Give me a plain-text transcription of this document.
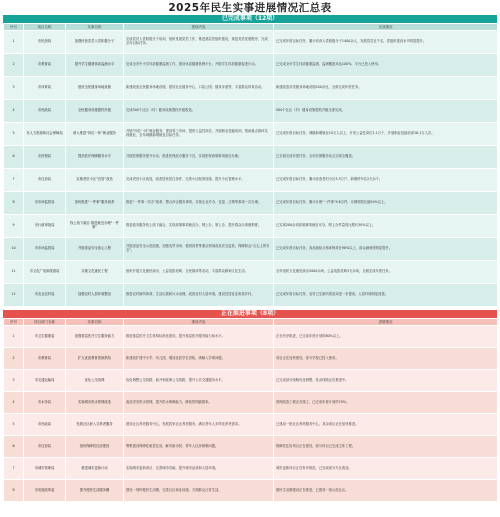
2025年民生实事进展情况汇总表
已完成事项（12项）
序号	项目名称	实事名称	建设内容	完成情况
1	市民热线	加强民营党员入党积极分子	完成党员入党积极分子培训，组织发展党员工作，推进基层党组织建设，规范党员发展程序，完成全年目标任务。	已完成年度目标任务，累计培训入党积极分子1400余人，发展党员近千名，党组织建设水平明显提升。
2	市教育局	提升学生健康体质监测水平	完成全市中小学体质健康监测工作，建设体质健康管理平台，开展学生体质健康促进行动。	已完成全市学生体质健康监测，监测覆盖率达100%，平台已投入使用。
3	市体育局	建设全民健身场地设施	新建改造全民健身场地设施，建设社区健身中心、口袋公园、健身步道等，丰富群众体育活动。	新建改造各类健身场地设施200余处，全面完成年度任务。
4	市民政局	全民健身设施提档升级	完成500个社区（村）健身设施提档升级改造。	500个社区（村）健身设施提档升级全部完成。
5	市人力资源和社会保障局	深入推进“四位一体”就业服务	开展“四位一体”就业服务，建设零工市场、提供公益性岗位、开展职业技能培训，帮助重点群体实现就业，全年城镇新增就业目标任务。	已完成年度目标任务，城镇新增就业10万人以上，开发公益性岗位1.1万个，开展职业技能培训16.1万人次。
6	市医保局	提高医疗保障服务水平	开展医保服务提升行动，推进医保经办服务下沉，实现医保高频事项就近办理。	已全面完成年度任务，全市医保服务站点实现全覆盖。
7	市住房局	实施老旧小区“宜居”改造	完成老旧小区改造，改善居民居住条件，完善小区配套设施，提升小区管理水平。	已完成年度目标任务，累计改造老旧小区3.3万户，新增停车位2万余个。
8	市市场监管局	加快推进“一件事”服务改革	推进“一件事一次办”改革，整合涉企服务事项，实现企业开办、变更、注销等事项一次办理。	已完成年度目标任务，累计办理“一件事”9.8万件，办理时限压缩50%以上。
9	市行政审批局	线上线下融合 推进就近办理“一件事”	推进政务服务线上线下融合，实现高频事项就近办、网上办、掌上办，提升群众办事便利度。	已实现200余项高频事项就近可办，网上办件量同比增长30%以上。
10	市市场监管局	开展食品安全放心工程	开展食品安全示范创建，加强农贸市场、校园食堂等重点领域食品安全监管，保障群众“舌尖上的安全”。	已完成年度目标任务，食品抽检合格率保持在98%以上，群众满意度明显提升。
11	市文化广电和旅游局	实施文化惠民工程	组织开展文化惠民演出、公益电影放映、全民阅读等活动，丰富群众精神文化生活。	全年组织文化惠民演出2000余场，公益电影放映3万余场，全面完成年度任务。
12	市农业农村局	加强农村人居环境整治	推进农村厕所革命、生活垃圾和污水治理，改善农村人居环境，建设宜居宜业和美乡村。	已完成年度目标任务，农村卫生厕所普及率进一步提高，人居环境明显改善。
正在推进事项（8项）
序号	项目部门名称	实事名称	建设内容	进展情况
1	市卫生健康委	加强基层医疗卫生服务能力	推进基层医疗卫生机构标准化建设，提升基层医疗服务能力和水平。	正在有序推进，已完成年度计划的80%以上。
2	市教育局	扩大优质教育资源供给	新建改扩建中小学、幼儿园，增加优质学位供给，缓解入学难问题。	项目正在加快建设，部分学校已投入使用。
3	市交通运输局	优化公交线网	优化调整公交线路，新开和延伸公交线路，提升公共交通服务水平。	已完成部分线路优化调整，其余线路正在推进中。
4	市水务局	实施城市供水管网改造	改造老旧供水管网，提升供水保障能力，降低管网漏损率。	管网改造工程正在施工，已完成年度计划的70%。
5	市民政局	发展社区嵌入式养老服务	建设社区养老服务中心，发展居家社区养老服务，满足老年人多样化养老需求。	已建成一批社区养老服务中心，其余项目正在加快推进。
6	市住房局	加快保障性住房建设	筹集建设保障性租赁住房，解决新市民、青年人住房困难问题。	保障性住房项目正在建设，部分项目已完成主体工程。
7	市城市管理局	推进城市更新行动	实施城市更新项目，完善城市功能，提升城市品质和人居环境。	城市更新项目正在有序推进，已完成部分片区改造。
8	市发展改革委	提升便民生活服务圈	建设一刻钟便民生活圈，完善社区商业设施，方便群众日常生活。	便民生活圈建设正在推进，已建成一批示范社区。
